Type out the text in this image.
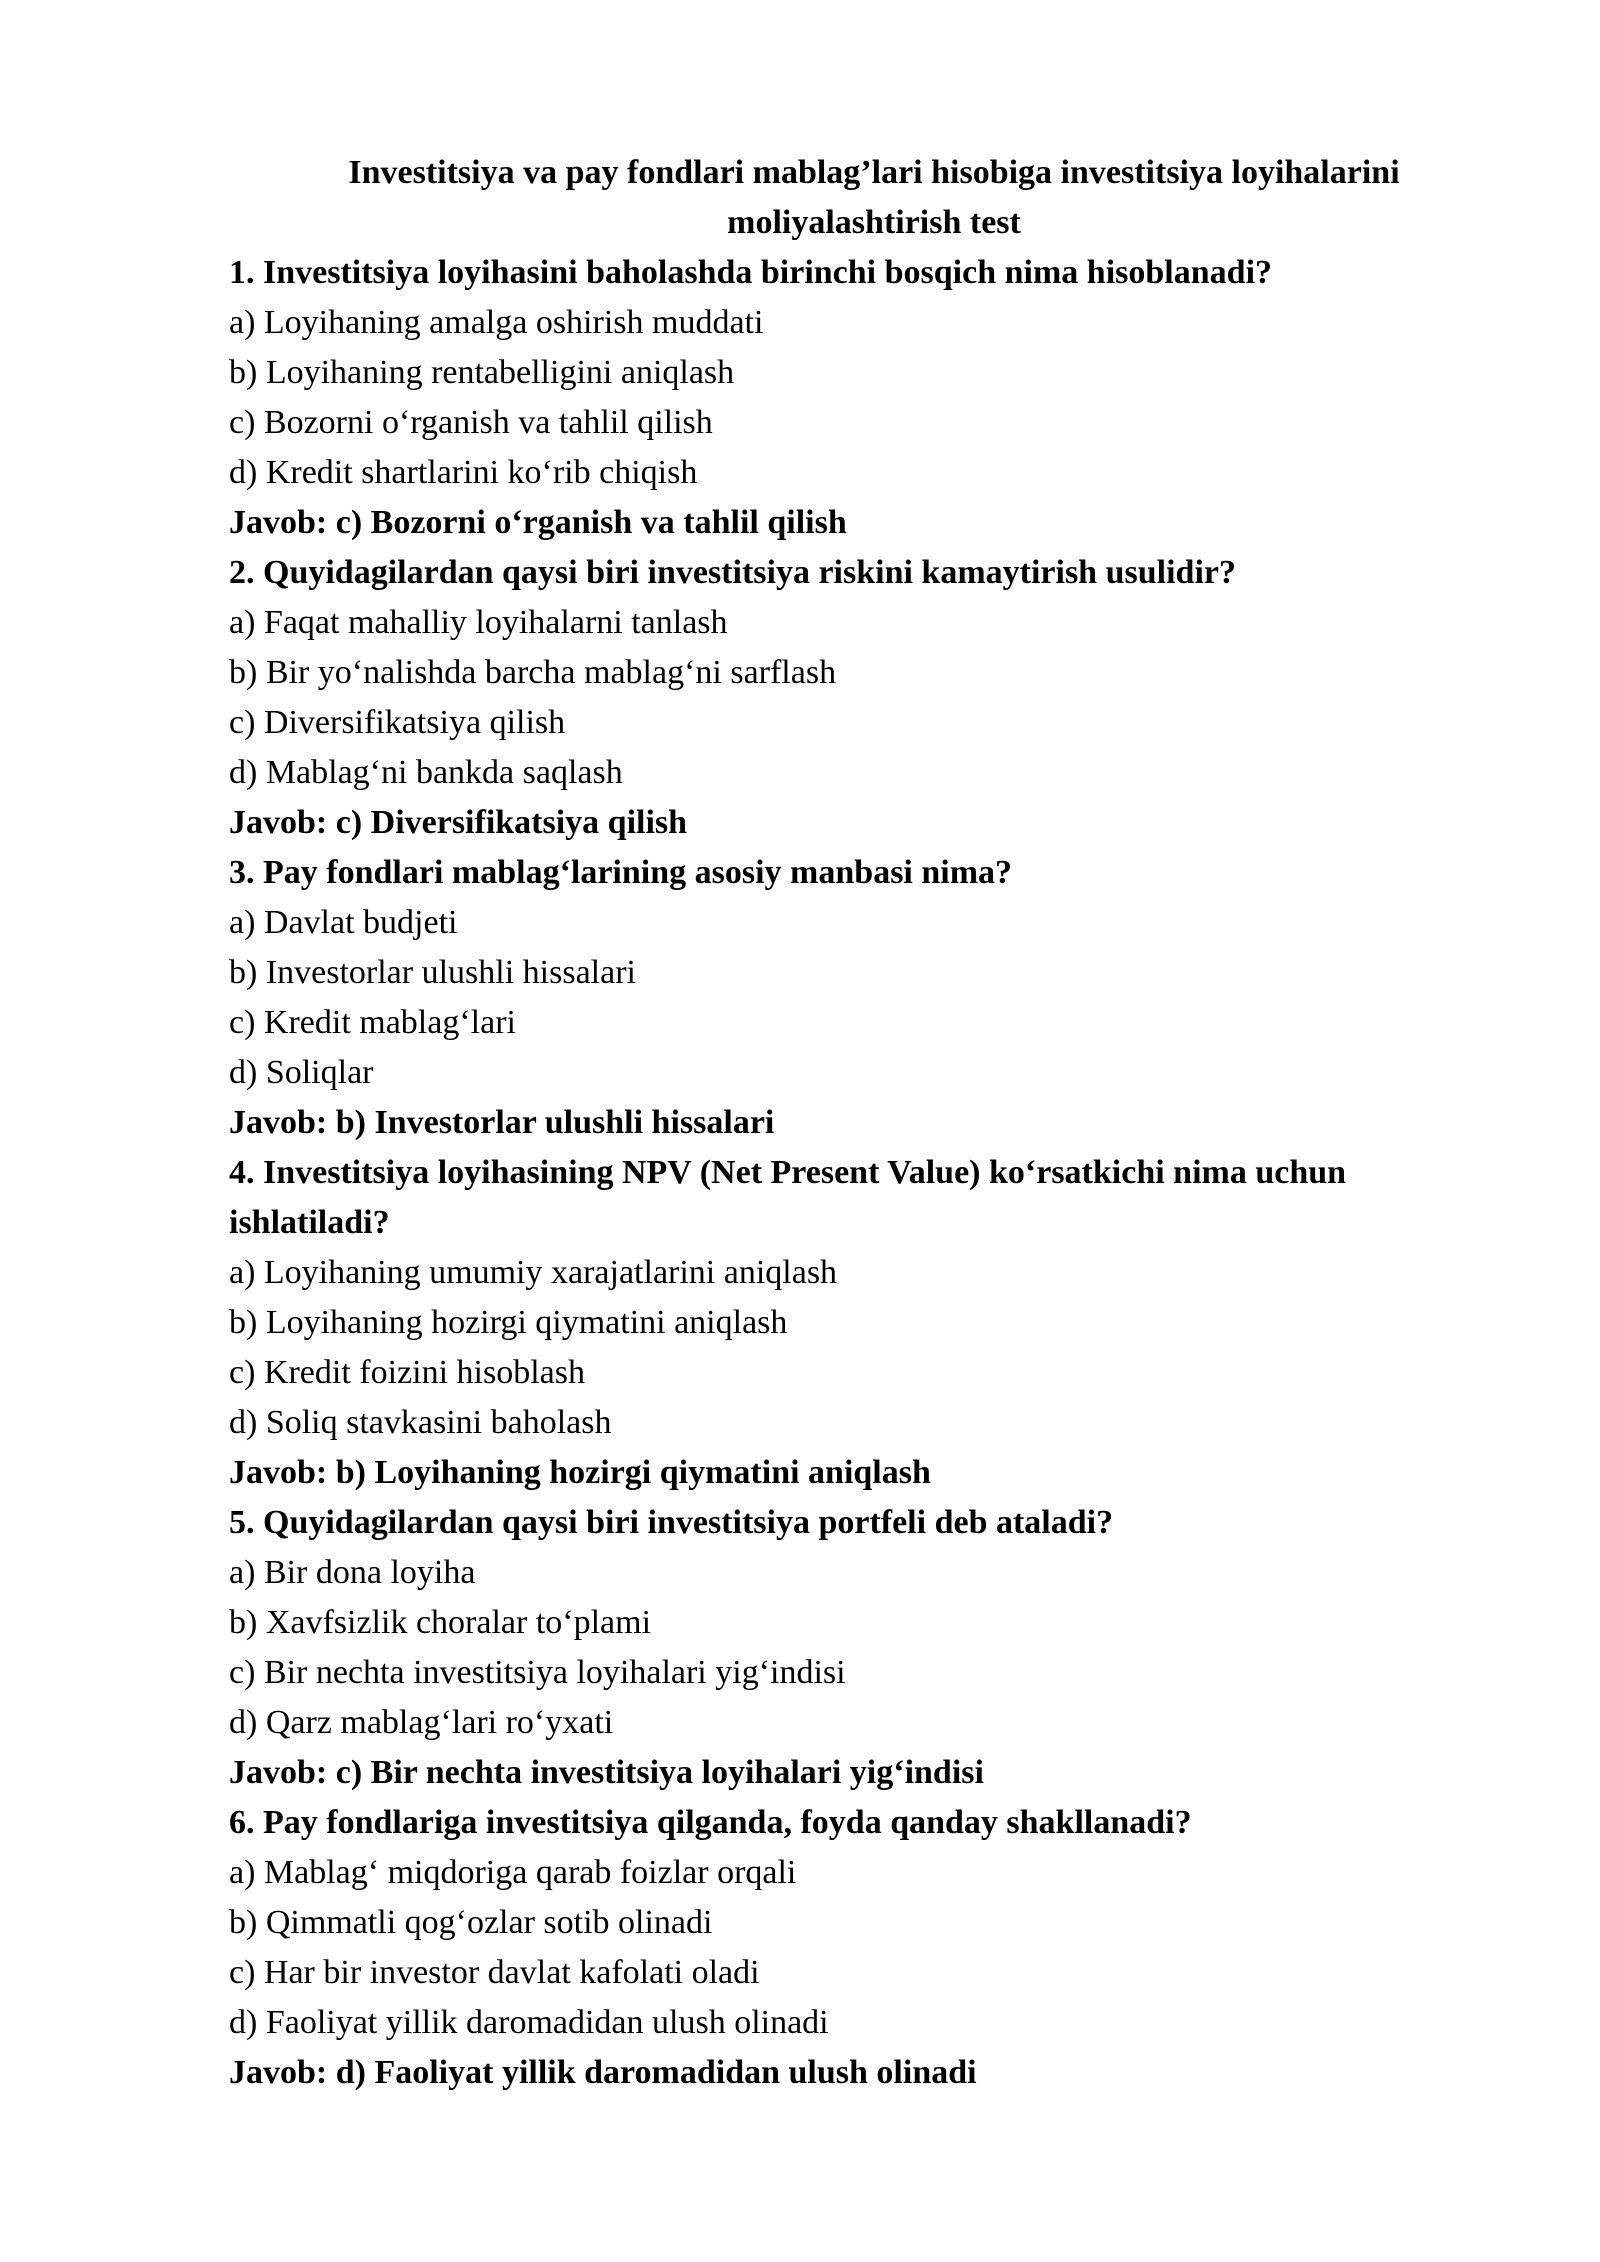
Investitsiya va pay fondlari mablag’lari hisobiga investitsiya loyihalarini
moliyalashtirish test
1. Investitsiya loyihasini baholashda birinchi bosqich nima hisoblanadi?
a) Loyihaning amalga oshirish muddati
b) Loyihaning rentabelligini aniqlash
c) Bozorni o‘rganish va tahlil qilish
d) Kredit shartlarini ko‘rib chiqish
Javob: c) Bozorni o‘rganish va tahlil qilish
2. Quyidagilardan qaysi biri investitsiya riskini kamaytirish usulidir?
a) Faqat mahalliy loyihalarni tanlash
b) Bir yo‘nalishda barcha mablag‘ni sarflash
c) Diversifikatsiya qilish
d) Mablag‘ni bankda saqlash
Javob: c) Diversifikatsiya qilish
3. Pay fondlari mablag‘larining asosiy manbasi nima?
a) Davlat budjeti
b) Investorlar ulushli hissalari
c) Kredit mablag‘lari
d) Soliqlar
Javob: b) Investorlar ulushli hissalari
4. Investitsiya loyihasining NPV (Net Present Value) ko‘rsatkichi nima uchun
ishlatiladi?
a) Loyihaning umumiy xarajatlarini aniqlash
b) Loyihaning hozirgi qiymatini aniqlash
c) Kredit foizini hisoblash
d) Soliq stavkasini baholash
Javob: b) Loyihaning hozirgi qiymatini aniqlash
5. Quyidagilardan qaysi biri investitsiya portfeli deb ataladi?
a) Bir dona loyiha
b) Xavfsizlik choralar to‘plami
c) Bir nechta investitsiya loyihalari yig‘indisi
d) Qarz mablag‘lari ro‘yxati
Javob: c) Bir nechta investitsiya loyihalari yig‘indisi
6. Pay fondlariga investitsiya qilganda, foyda qanday shakllanadi?
a) Mablag‘ miqdoriga qarab foizlar orqali
b) Qimmatli qog‘ozlar sotib olinadi
c) Har bir investor davlat kafolati oladi
d) Faoliyat yillik daromadidan ulush olinadi
Javob: d) Faoliyat yillik daromadidan ulush olinadi
